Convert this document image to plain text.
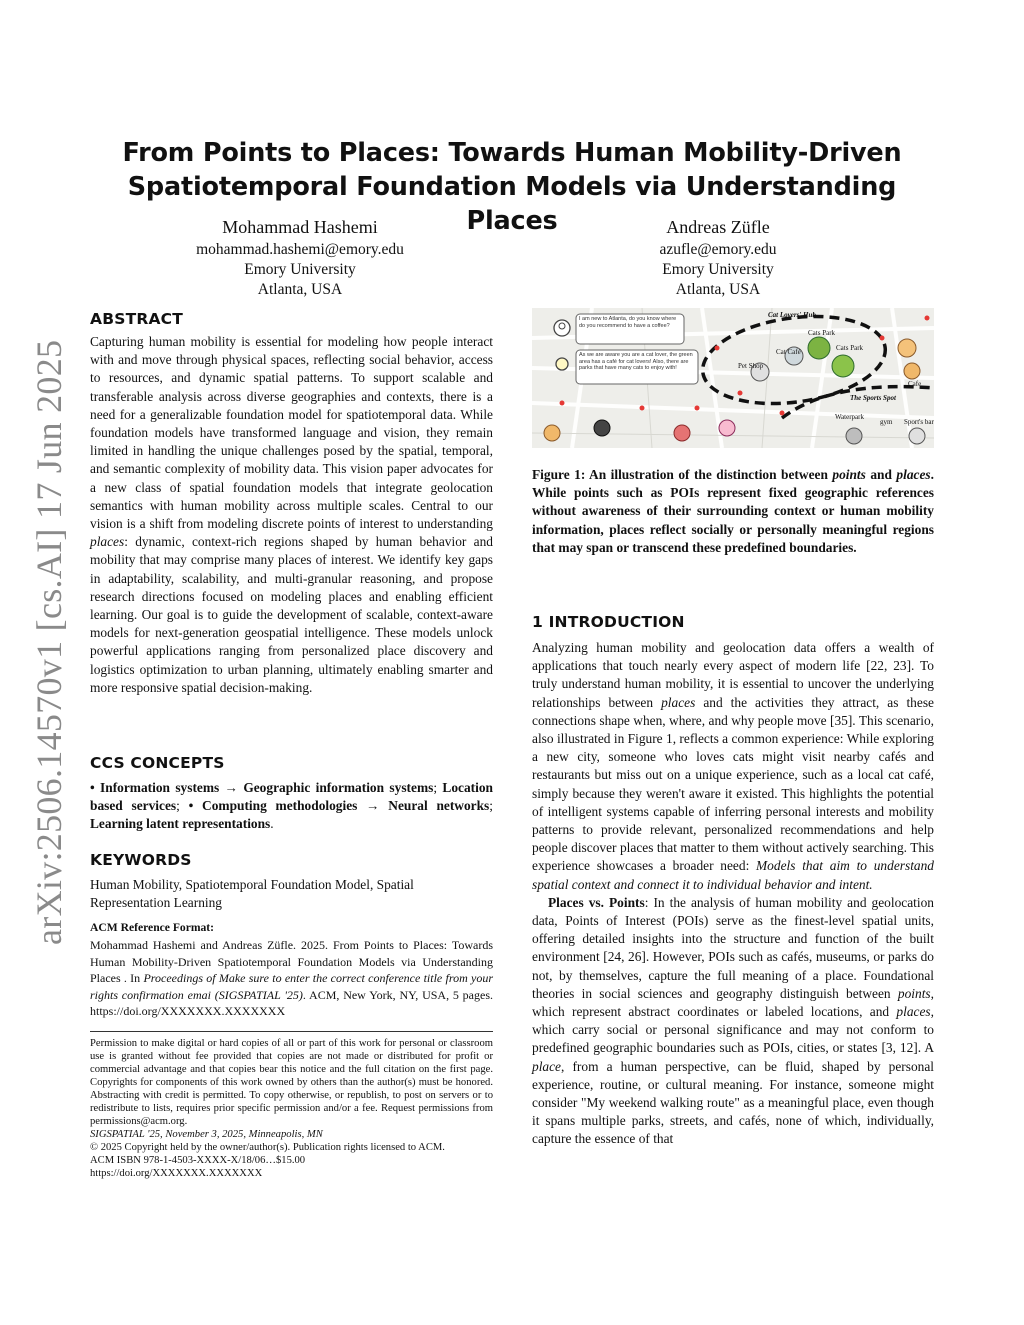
arXiv:2506.14570v1 [cs.AI] 17 Jun 2025
From Points to Places: Towards Human Mobility-Driven
Spatiotemporal Foundation Models via Understanding Places
Mohammad Hashemi
mohammad.hashemi@emory.edu
Emory University
Atlanta, USA
Andreas Züfle
azufle@emory.edu
Emory University
Atlanta, USA
ABSTRACT

Capturing human mobility is essential for modeling how people interact with and move through physical spaces, reflecting social behavior, access to resources, and dynamic spatial patterns. To support scalable and transferable analysis across diverse geographies and contexts, there is a need for a generalizable foundation model for spatiotemporal data. While foundation models have transformed language and vision, they remain limited in handling the unique challenges posed by the spatial, temporal, and semantic complexity of mobility data. This vision paper advocates for a new class of spatial foundation models that integrate geolocation semantics with human mobility across multiple scales. Central to our vision is a shift from modeling discrete points of interest to understanding places: dynamic, context-rich regions shaped by human behavior and mobility that may comprise many places of interest. We identify key gaps in adaptability, scalability, and multi-granular reasoning, and propose research directions focused on modeling places and enabling efficient learning. Our goal is to guide the development of scalable, context-aware models for next-generation geospatial intelligence. These models unlock powerful applications ranging from personalized place discovery and logistics optimization to urban planning, ultimately enabling smarter and more responsive spatial decision-making.

CCS CONCEPTS

• Information systems → Geographic information systems; Location based services; • Computing methodologies → Neural networks; Learning latent representations.

KEYWORDS
Human Mobility, Spatiotemporal Foundation Model, Spatial Representation Learning
ACM Reference Format:
Mohammad Hashemi and Andreas Züfle. 2025. From Points to Places: Towards Human Mobility-Driven Spatiotemporal Foundation Models via Understanding Places . In Proceedings of Make sure to enter the correct conference title from your rights confirmation emai (SIGSPATIAL '25). ACM, New York, NY, USA, 5 pages. https://doi.org/XXXXXXX.XXXXXXX

Permission to make digital or hard copies of all or part of this work for personal or classroom use is granted without fee provided that copies are not made or distributed for profit or commercial advantage and that copies bear this notice and the full citation on the first page. Copyrights for components of this work owned by others than the author(s) must be honored. Abstracting with credit is permitted. To copy otherwise, or republish, to post on servers or to redistribute to lists, requires prior specific permission and/or a fee. Request permissions from permissions@acm.org.

SIGSPATIAL '25, November 3, 2025, Minneapolis, MN

© 2025 Copyright held by the owner/author(s). Publication rights licensed to ACM.

ACM ISBN 978-1-4503-XXXX-X/18/06…$15.00

https://doi.org/XXXXXXX.XXXXXXX

I am new to Atlanta, do you know where do you recommend to have a coffee?
As we are aware you are a cat lover, the green area has a café for cat lovers! Also, there are parks that have many cats to enjoy with!
Cat Lovers' Hub
Cats Park
Cat Café	Cats Park
Pet Shop
Cafe
The Sports Spot
Waterpark
gym Sport's bar
Figure 1: An illustration of the distinction between points and places. While points such as POIs represent fixed geographic references without awareness of their surrounding context or human mobility information, places reflect socially or personally meaningful regions that may span or transcend these predefined boundaries.
1 INTRODUCTION

Analyzing human mobility and geolocation data offers a wealth of applications that touch nearly every aspect of modern life [22, 23]. To truly understand human mobility, it is essential to uncover the underlying relationships between places and the activities they attract, as these connections shape when, where, and why people move [35]. This scenario, also illustrated in Figure 1, reflects a common experience: While exploring a new city, someone who loves cats might visit nearby cafés and restaurants but miss out on a unique experience, such as a local cat café, simply because they weren't aware it existed. This highlights the potential of intelligent systems capable of inferring personal interests and mobility patterns to provide relevant, personalized recommendations and help people discover places that matter to them without actively searching. This experience showcases a broader need: Models that aim to understand spatial context and connect it to individual behavior and intent.

Places vs. Points: In the analysis of human mobility and geolocation data, Points of Interest (POIs) serve as the finest-level spatial units, offering detailed insights into the structure and function of the built environment [24, 26]. However, POIs such as cafés, museums, or parks do not, by themselves, capture the full meaning of a place. Foundational theories in social sciences and geography distinguish between points, which represent abstract coordinates or labeled locations, and places, which carry social or personal significance and may not conform to predefined geographic boundaries such as POIs, cities, or states [3, 12]. A place, from a human perspective, can be fluid, shaped by personal experience, routine, or cultural meaning. For instance, someone might consider "My weekend walking route" as a meaningful place, even though it spans multiple parks, streets, and cafés, none of which, individually, capture the essence of that
